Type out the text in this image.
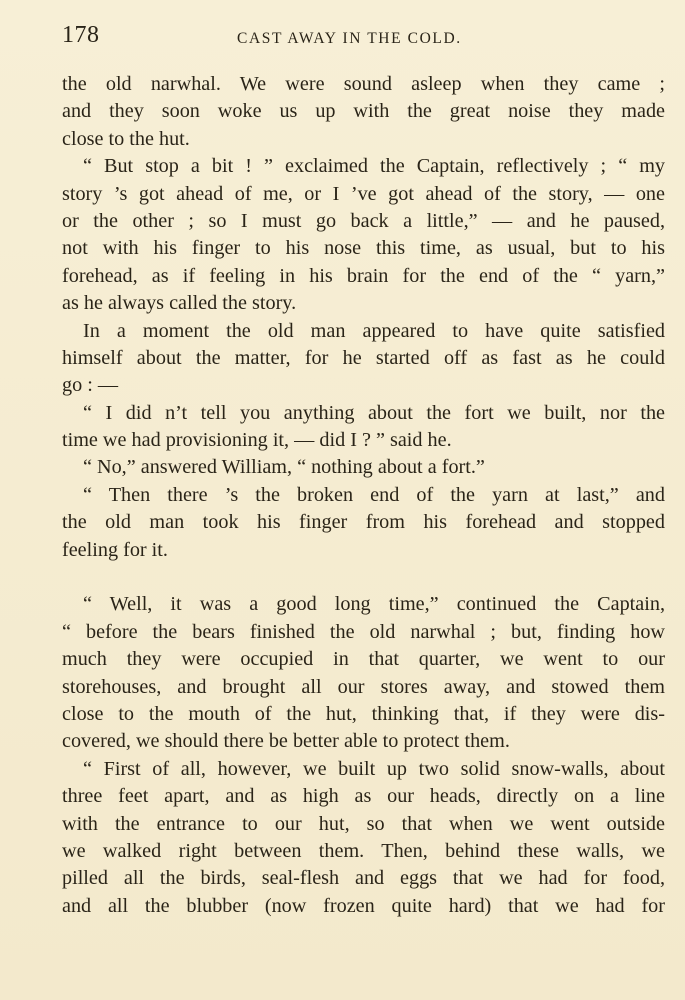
178	CAST AWAY IN THE COLD.
the old narwhal. We were sound asleep when they came ;
and they soon woke us up with the great noise they made
close to the hut.
“ But stop a bit ! ” exclaimed the Captain, reflectively ; “ my
story ’s got ahead of me, or I ’ve got ahead of the story, — one
or the other ; so I must go back a little,” — and he paused,
not with his finger to his nose this time, as usual, but to his
forehead, as if feeling in his brain for the end of the “ yarn,”
as he always called the story.
In a moment the old man appeared to have quite satisfied
himself about the matter, for he started off as fast as he could
go : —
“ I did n’t tell you anything about the fort we built, nor the
time we had provisioning it, — did I ? ” said he.
“ No,” answered William, “ nothing about a fort.”
“ Then there ’s the broken end of the yarn at last,” and
the old man took his finger from his forehead and stopped
feeling for it.
“ Well, it was a good long time,” continued the Captain,
“ before the bears finished the old narwhal ; but, finding how
much they were occupied in that quarter, we went to our
storehouses, and brought all our stores away, and stowed them
close to the mouth of the hut, thinking that, if they were dis-
covered, we should there be better able to protect them.
“ First of all, however, we built up two solid snow-walls, about
three feet apart, and as high as our heads, directly on a line
with the entrance to our hut, so that when we went outside
we walked right between them. Then, behind these walls, we
pilled all the birds, seal-flesh and eggs that we had for food,
and all the blubber (now frozen quite hard) that we had for
